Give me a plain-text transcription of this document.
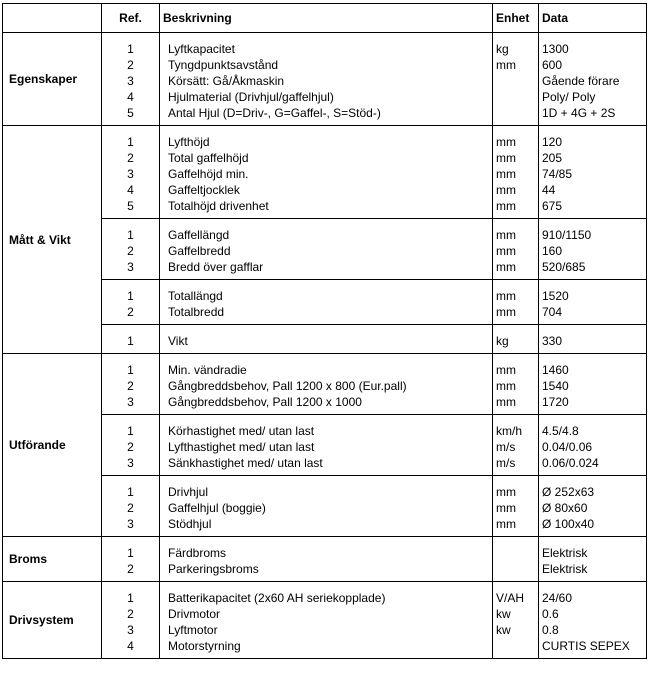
	Ref.	Beskrivning	Enhet	Data
Egenskaper	1	Lyftkapacitet	kg	1300
	2	Tyngdpunktsavstånd	mm	600
	3	Körsätt: Gå/Åkmaskin		Gående förare
	4	Hjulmaterial (Drivhjul/gaffelhjul)		Poly/ Poly
	5	Antal Hjul (D=Driv-, G=Gaffel-, S=Stöd-)		1D + 4G + 2S
Mått & Vikt	1	Lyfthöjd	mm	120
	2	Total gaffelhöjd	mm	205
	3	Gaffelhöjd min.	mm	74/85
	4	Gaffeltjocklek	mm	44
	5	Totalhöjd drivenhet	mm	675
	1	Gaffellängd	mm	910/1150
	2	Gaffelbredd	mm	160
	3	Bredd över gafflar	mm	520/685
	1	Totallängd	mm	1520
	2	Totalbredd	mm	704
	1	Vikt	kg	330
Utförande	1	Min. vändradie	mm	1460
	2	Gångbreddsbehov, Pall 1200 x 800 (Eur.pall)	mm	1540
	3	Gångbreddsbehov, Pall 1200 x 1000	mm	1720
	1	Körhastighet med/ utan last	km/h	4.5/4.8
	2	Lyfthastighet med/ utan last	m/s	0.04/0.06
	3	Sänkhastighet med/ utan last	m/s	0.06/0.024
	1	Drivhjul	mm	Ø 252x63
	2	Gaffelhjul (boggie)	mm	Ø 80x60
	3	Stödhjul	mm	Ø 100x40
Broms	1	Färdbroms		Elektrisk
	2	Parkeringsbroms		Elektrisk
Drivsystem	1	Batterikapacitet (2x60 AH seriekopplade)	V/AH	24/60
	2	Drivmotor	kw	0.6
	3	Lyftmotor	kw	0.8
	4	Motorstyrning		CURTIS SEPEX
